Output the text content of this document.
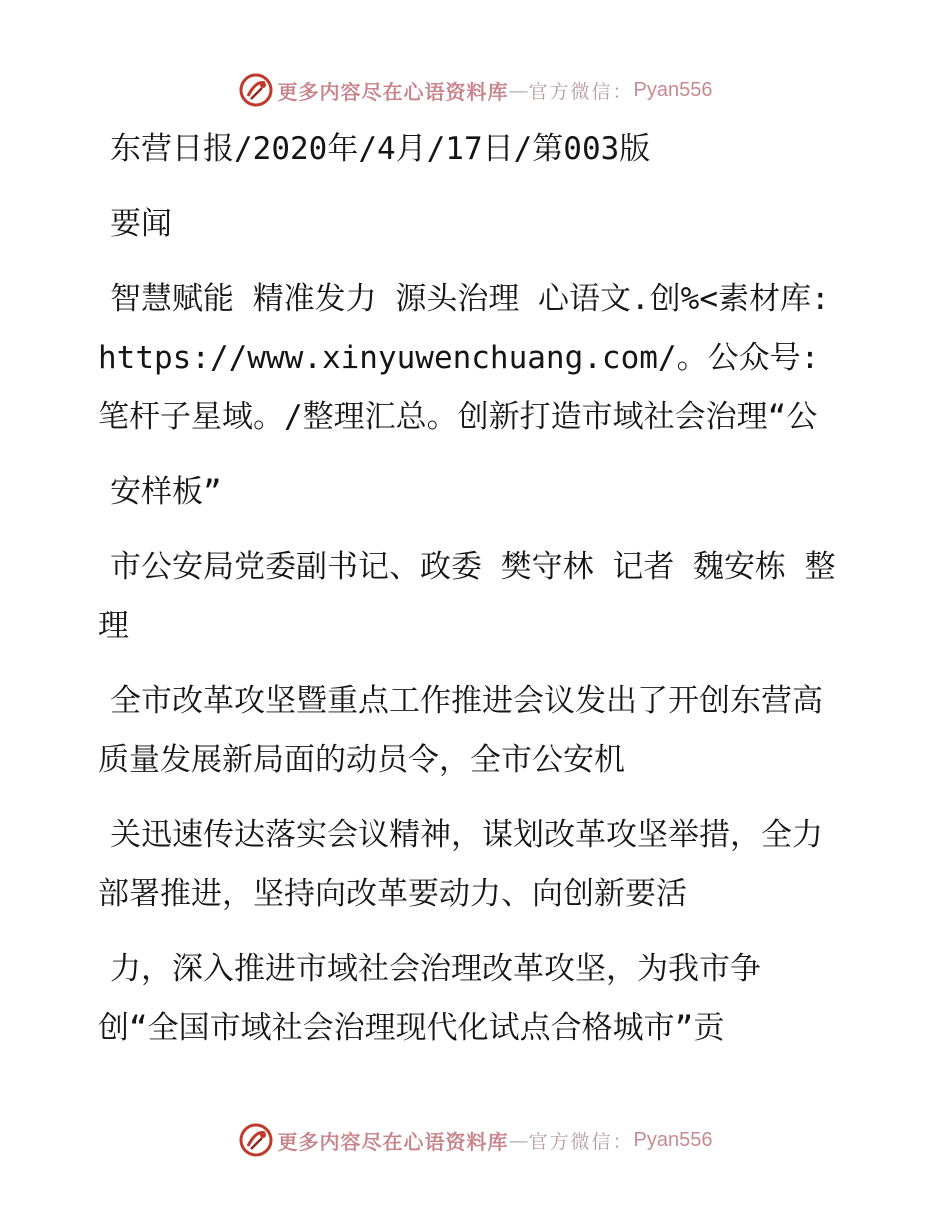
更多内容尽在心语资料库 — 官方微信： Pyan556

东营日报/2020年/4月/17日/第003版

要闻

智慧赋能 精准发力 源头治理 心语文.创%<素材库: https://www.xinyuwenchuang.com/。公众号: 笔杆子星域。/整理汇总。创新打造市域社会治理“公

安样板”

市公安局党委副书记、政委 樊守林 记者 魏安栋 整理

全市改革攻坚暨重点工作推进会议发出了开创东营高质量发展新局面的动员令，全市公安机

关迅速传达落实会议精神，谋划改革攻坚举措，全力部署推进，坚持向改革要动力、向创新要活

力，深入推进市域社会治理改革攻坚，为我市争创“全国市域社会治理现代化试点合格城市”贡

更多内容尽在心语资料库 — 官方微信： Pyan556
